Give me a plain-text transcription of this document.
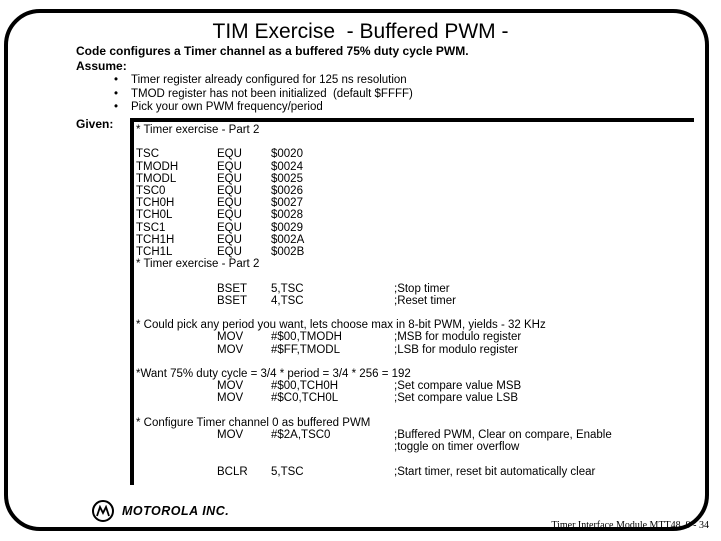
TIM Exercise  - Buffered PWM -
Code configures a Timer channel as a buffered 75% duty cycle PWM.
Assume:
• Timer register already configured for 125 ns resolution
• TMOD register has not been initialized  (default $FFFF)
• Pick your own PWM frequency/period
Given: * Timer exercise - Part 2
TSC	EQU	$0020
TMODH	EQU	$0024
TMODL	EQU	$0025
TSC0	EQU	$0026
TCH0H	EQU	$0027
TCH0L	EQU	$0028
TSC1	EQU	$0029
TCH1H	EQU	$002A
TCH1L	EQU	$002B
* Timer exercise - Part 2
BSET 5,TSC	;Stop timer
BSET 4,TSC	;Reset timer
* Could pick any period you want, lets choose max in 8-bit PWM, yields - 32 KHz
MOV #$00,TMODH	;MSB for modulo register
MOV #$FF,TMODL	;LSB for modulo register
*Want 75% duty cycle = 3/4 * period = 3/4 * 256 = 192
MOV #$00,TCH0H	;Set compare value MSB
MOV #$C0,TCH0L	;Set compare value LSB
* Configure Timer channel 0 as buffered PWM
MOV #$2A,TSC0	;Buffered PWM, Clear on compare, Enable
;toggle on timer overflow
BCLR 5,TSC	;Start timer, reset bit automatically clear
MOTOROLA INC.
Timer Interface Module MTT48  9 - 34
